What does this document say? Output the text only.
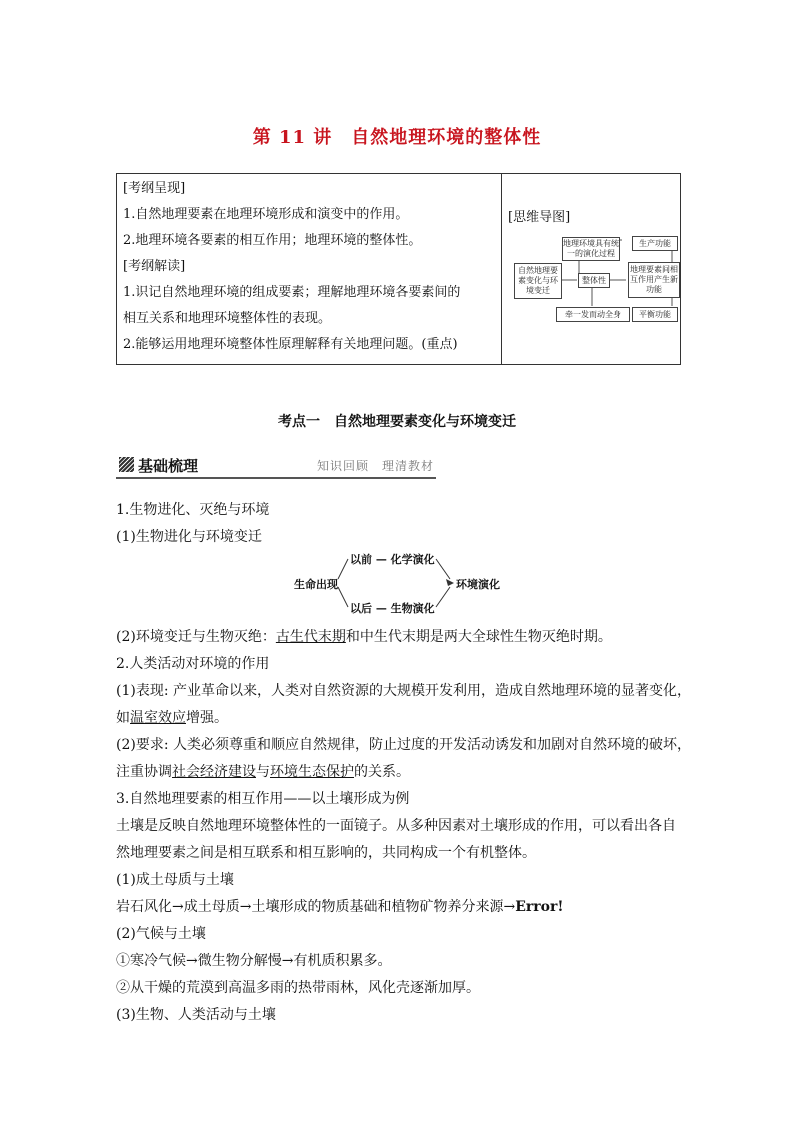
第 11 讲　自然地理环境的整体性
[考纲呈现]
1.自然地理要素在地理环境形成和演变中的作用。
2.地理环境各要素的相互作用；地理环境的整体性。
[考纲解读]
1.识记自然地理环境的组成要素；理解地理环境各要素间的
相互关系和地理环境整体性的表现。
2.能够运用地理环境整体性原理解释有关地理问题。(重点)

[思维导图]
地理环境具有统一的演化过程
自然地理要素变化与环境变迁
整体性
地理要素间相互作用产生新功能
牵一发而动全身
生产功能
平衡功能
考点一　自然地理要素变化与环境变迁
基础梳理	知识回顾　理清教材
1.生物进化、灭绝与环境
(1)生物进化与环境变迁
生命出现
以前 — 化学演化
以后 — 生物演化
环境演化
(2)环境变迁与生物灭绝：古生代末期和中生代末期是两大全球性生物灭绝时期。
2.人类活动对环境的作用
(1)表现: 产业革命以来，人类对自然资源的大规模开发利用，造成自然地理环境的显著变化，
如温室效应增强。
(2)要求: 人类必须尊重和顺应自然规律，防止过度的开发活动诱发和加剧对自然环境的破坏，
注重协调社会经济建设与环境生态保护的关系。
3.自然地理要素的相互作用——以土壤形成为例
土壤是反映自然地理环境整体性的一面镜子。从多种因素对土壤形成的作用，可以看出各自
然地理要素之间是相互联系和相互影响的，共同构成一个有机整体。
(1)成土母质与土壤
岩石风化→成土母质→土壤形成的物质基础和植物矿物养分来源→Error!
(2)气候与土壤
①寒冷气候→微生物分解慢→有机质积累多。
②从干燥的荒漠到高温多雨的热带雨林，风化壳逐渐加厚。
(3)生物、人类活动与土壤
